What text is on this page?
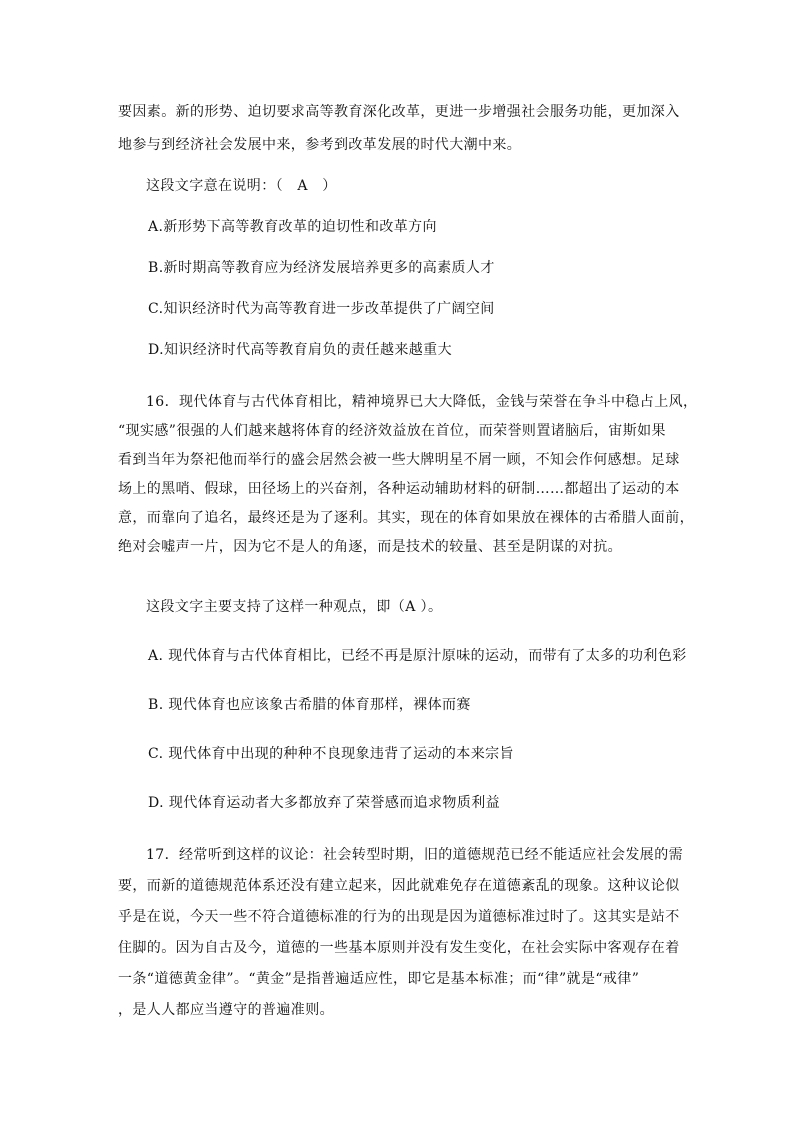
要因素。新的形势、迫切要求高等教育深化改革，更进一步增强社会服务功能，更加深入
地参与到经济社会发展中来，参考到改革发展的时代大潮中来。
这段文字意在说明：（　A　）
A.新形势下高等教育改革的迫切性和改革方向
B.新时期高等教育应为经济发展培养更多的高素质人才
C.知识经济时代为高等教育进一步改革提供了广阔空间
D.知识经济时代高等教育肩负的责任越来越重大
16．现代体育与古代体育相比，精神境界已大大降低，金钱与荣誉在争斗中稳占上风，
“现实感”很强的人们越来越将体育的经济效益放在首位，而荣誉则置诸脑后，宙斯如果
看到当年为祭祀他而举行的盛会居然会被一些大牌明星不屑一顾，不知会作何感想。足球
场上的黑哨、假球，田径场上的兴奋剂，各种运动辅助材料的研制……都超出了运动的本
意，而靠向了追名，最终还是为了逐利。其实，现在的体育如果放在裸体的古希腊人面前，
绝对会嘘声一片，因为它不是人的角逐，而是技术的较量、甚至是阴谋的对抗。
这段文字主要支持了这样一种观点，即（A ）。
A. 现代体育与古代体育相比，已经不再是原汁原味的运动，而带有了太多的功利色彩
B. 现代体育也应该象古希腊的体育那样，裸体而赛
C. 现代体育中出现的种种不良现象违背了运动的本来宗旨
D. 现代体育运动者大多都放弃了荣誉感而追求物质利益
17．经常听到这样的议论：社会转型时期，旧的道德规范已经不能适应社会发展的需
要，而新的道德规范体系还没有建立起来，因此就难免存在道德紊乱的现象。这种议论似
乎是在说，今天一些不符合道德标准的行为的出现是因为道德标准过时了。这其实是站不
住脚的。因为自古及今，道德的一些基本原则并没有发生变化，在社会实际中客观存在着
一条“道德黄金律”。“黄金”是指普遍适应性，即它是基本标准；而“律”就是“戒律”
，是人人都应当遵守的普遍准则。
